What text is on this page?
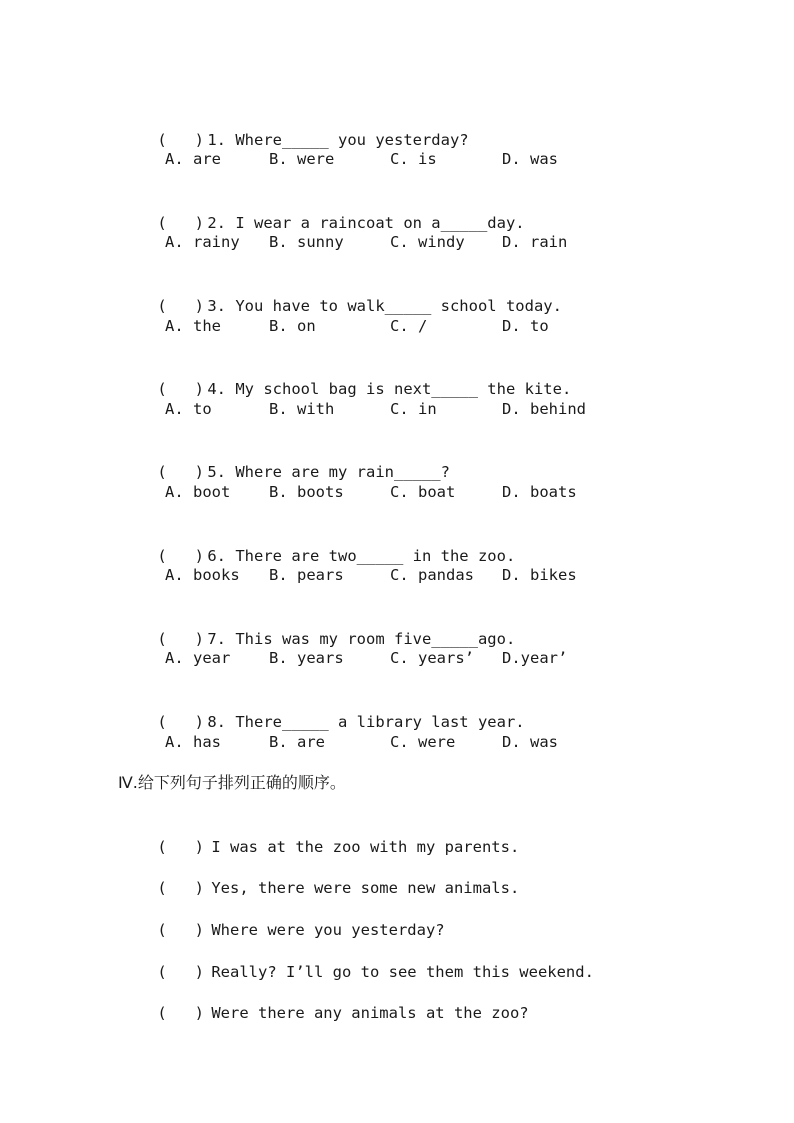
(   ) 1. Where_____ you yesterday?

A. are

	B. were

	C. is

	D. was

(   ) 2. I wear a raincoat on a_____day.

A. rainy

B. sunny

	C. windy

D. rain

(   ) 3. You have to walk_____ school today.

A. the

	B. on

	C. /

	D. to

(   ) 4. My school bag is next_____ the kite.

A. to

	B. with

	C. in

	D. behind

(   ) 5. Where are my rain_____?

A. boot

B. boots

	C. boat

	D. boats

(   ) 6. There are two_____ in the zoo.

A. books

B. pears

	C. pandas

D. bikes

(   ) 7. This was my room five_____ago.

A. year

B. years

	C. years’

D.year’

(   ) 8. There_____ a library last year.

A. has

	B. are

	C. were

	D. was

Ⅳ.给下列句子排列正确的顺序。

(   ) I was at the zoo with my parents.

(   ) Yes, there were some new animals.

(   ) Where were you yesterday?

(   ) Really? I’ll go to see them this weekend.

(   ) Were there any animals at the zoo?
